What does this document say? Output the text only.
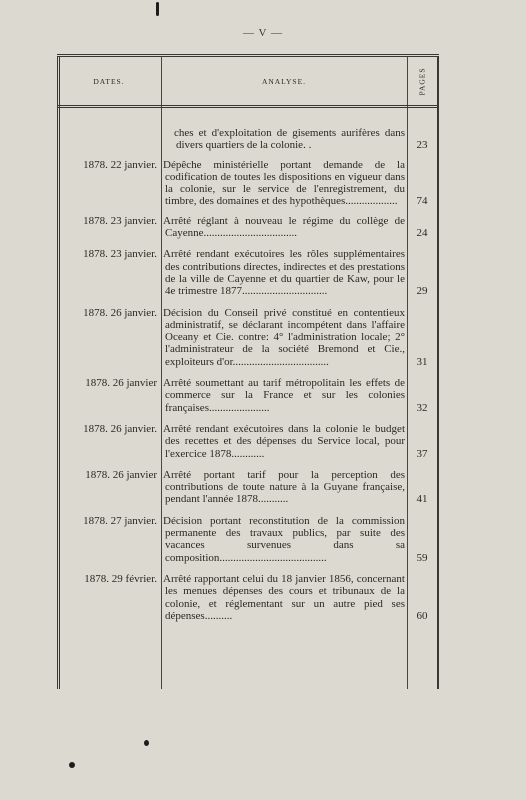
— V —
DATES.	ANALYSE.	PAGES
ches et d'exploitation de gisements aurifères dans divers quartiers de la colonie. .	23
1878. 22 janvier. Dépêche ministérielle portant demande de la codification de toutes les dispositions en vigueur dans la colonie, sur le service de l'enregistrement, du timbre, des domaines et des hypothèques...................	74
1878. 23 janvier. Arrêté réglant à nouveau le régime du collège de Cayenne..................................	24
1878. 23 janvier. Arrêté rendant exécutoires les rôles supplémentaires des contributions directes, indirectes et des prestations de la ville de Cayenne et du quartier de Kaw, pour le 4e trimestre 1877...............................	29
1878. 26 janvier. Décision du Conseil privé constitué en contentieux administratif, se déclarant incompétent dans l'affaire Oceany et Cie. contre: 4° l'administration locale; 2° l'administrateur de la société Bremond et Cie., exploiteurs d'or...................................	31
1878. 26 janvier Arrêté soumettant au tarif métropolitain les effets de commerce sur la France et sur les colonies françaises......................	32
1878. 26 janvier. Arrêté rendant exécutoires dans la colonie le budget des recettes et des dépenses du Service local, pour l'exercice 1878............	37
1878. 26 janvier Arrêté portant tarif pour la perception des contributions de toute nature à la Guyane française, pendant l'année 1878...........	41
1878. 27 janvier. Décision portant reconstitution de la commission permanente des travaux publics, par suite des vacances survenues dans sa composition.......................................	59
1878. 29 février. Arrêté rapportant celui du 18 janvier 1856, concernant les menues dépenses des cours et tribunaux de la colonie, et réglementant sur un autre pied ses dépenses..........	60
